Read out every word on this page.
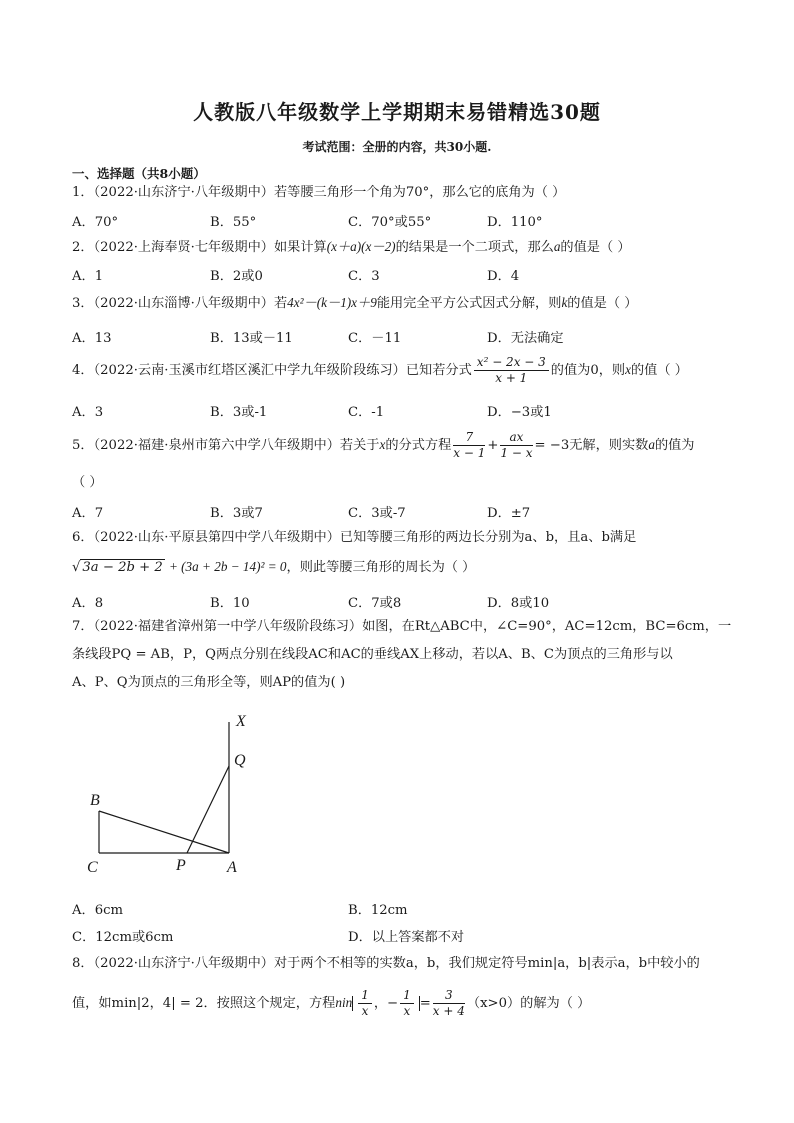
人教版八年级数学上学期期末易错精选30题
考试范围：全册的内容，共30小题.
一、选择题（共8小题）
1．（2022·山东济宁·八年级期中）若等腰三角形一个角为70°，那么它的底角为（ ）
A．70°	B．55°	C．70°或55°	D．110°
2．（2022·上海奉贤·七年级期中）如果计算(x＋a)(x－2)的结果是一个二项式，那么a的值是（ ）
A．1	B．2或0	C．3	D．4
3．（2022·山东淄博·八年级期中）若4x²－(k－1)x＋9能用完全平方公式因式分解，则k的值是（ ）
A．13	B．13或－11	C．－11	D．无法确定
4．（2022·云南·玉溪市红塔区溪汇中学九年级阶段练习）已知若分式 $\frac{\text{x² − 2x − 3}}{x + 1}$ 的值为0，则x的值（ ）
A．3	B．3或-1	C．-1	D．−3或1
5．（2022·福建·泉州市第六中学八年级期中）若关于x的分式方程 $\frac{7}{x - 1} + \frac{ax}{1 - x} = -3$无解，则实数a的值为
（ ）
A．7	B．3或7	C．3或-7	D．±7
6．（2022·山东·平原县第四中学八年级期中）已知等腰三角形的两边长分别为a、b，且a、b满足
√ 3a − 2b + 2 + (3a + 2b − 14)² = 0，则此等腰三角形的周长为（ ）
A．8	B．10	C．7或8	D．8或10
7．（2022·福建省漳州第一中学八年级阶段练习）如图，在Rt△ABC中，∠C=90°，AC=12cm，BC=6cm，一
条线段PQ = AB，P，Q两点分别在线段AC和AC的垂线AX上移动，若以A、B、C为顶点的三角形与以
A、P、Q为顶点的三角形全等，则AP的值为( )
X
Q
B
C	P	A
A．6cm	B．12cm
C．12cm或6cm	D．以上答案都不对
8．（2022·山东济宁·八年级期中）对于两个不相等的实数a，b，我们规定符号min|a，b|表示a，b中较小的
值，如min|2，4| = 2．按照这个规定，方程nin $\frac{1}{x}$ ，− $\frac{1}{x} = \frac{3}{x + 4} (x>0)$的解为（ ）
